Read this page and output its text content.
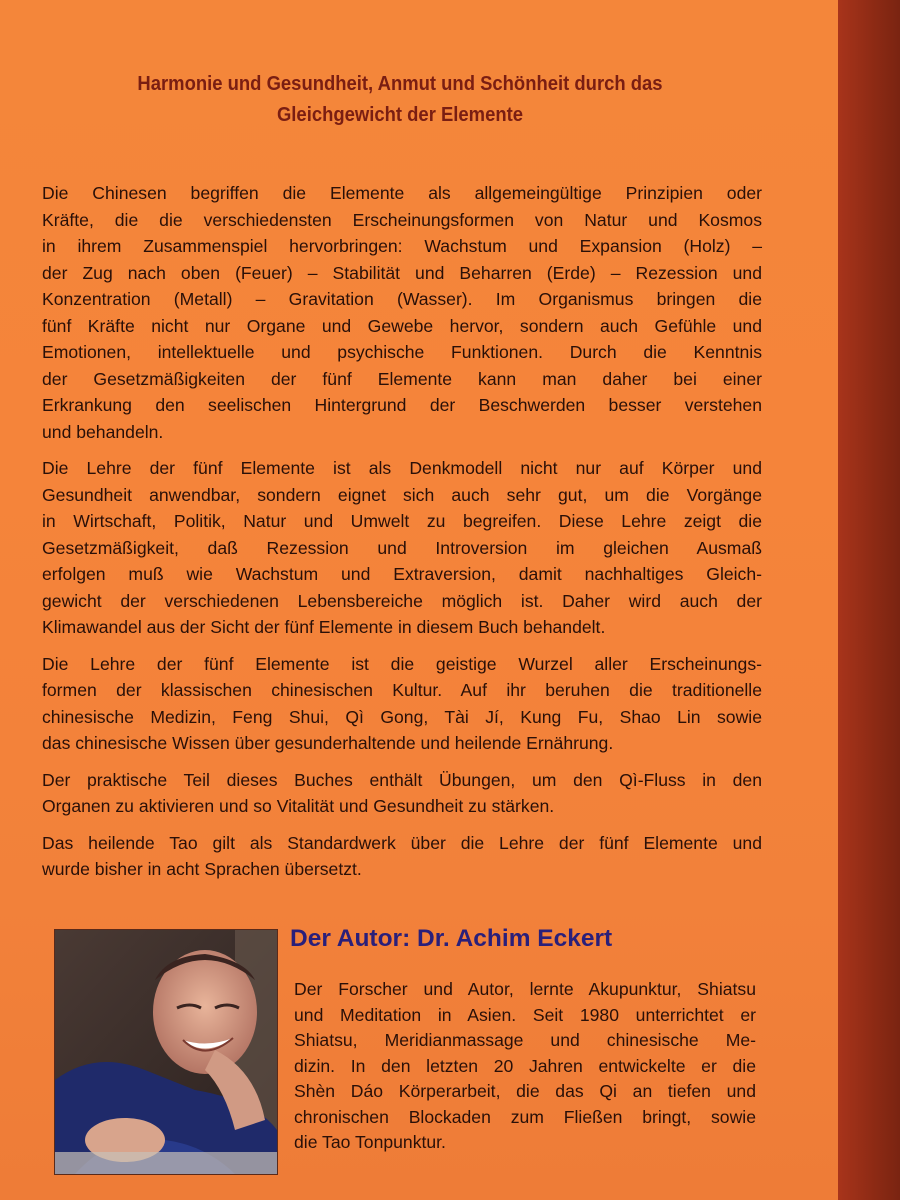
Harmonie und Gesundheit, Anmut und Schönheit durch das
Gleichgewicht der Elemente
Die Chinesen begriffen die Elemente als allgemeingültige Prinzipien oder
Kräfte, die die verschiedensten Erscheinungsformen von Natur und Kosmos
in ihrem Zusammenspiel hervorbringen: Wachstum und Expansion (Holz) –
der Zug nach oben (Feuer) – Stabilität und Beharren (Erde) – Rezession und
Konzentration (Metall) – Gravitation (Wasser). Im Organismus bringen die
fünf Kräfte nicht nur Organe und Gewebe hervor, sondern auch Gefühle und
Emotionen, intellektuelle und psychische Funktionen. Durch die Kenntnis
der Gesetzmäßigkeiten der fünf Elemente kann man daher bei einer
Erkrankung den seelischen Hintergrund der Beschwerden besser verstehen
und behandeln.
Die Lehre der fünf Elemente ist als Denkmodell nicht nur auf Körper und
Gesundheit anwendbar, sondern eignet sich auch sehr gut, um die Vorgänge
in Wirtschaft, Politik, Natur und Umwelt zu begreifen. Diese Lehre zeigt die
Gesetzmäßigkeit, daß Rezession und Introversion im gleichen Ausmaß
erfolgen muß wie Wachstum und Extraversion, damit nachhaltiges Gleich-
gewicht der verschiedenen Lebensbereiche möglich ist. Daher wird auch der
Klimawandel aus der Sicht der fünf Elemente in diesem Buch behandelt.
Die Lehre der fünf Elemente ist die geistige Wurzel aller Erscheinungs-
formen der klassischen chinesischen Kultur. Auf ihr beruhen die traditionelle
chinesische Medizin, Feng Shui, Qì Gong, Tài Jí, Kung Fu, Shao Lin sowie
das chinesische Wissen über gesunderhaltende und heilende Ernährung.
Der praktische Teil dieses Buches enthält Übungen, um den Qì-Fluss in den
Organen zu aktivieren und so Vitalität und Gesundheit zu stärken.
Das heilende Tao gilt als Standardwerk über die Lehre der fünf Elemente und
wurde bisher in acht Sprachen übersetzt.
Der Autor: Dr. Achim Eckert
Der Forscher und Autor, lernte Akupunktur, Shiatsu
und Meditation in Asien. Seit 1980 unterrichtet er
Shiatsu, Meridianmassage und chinesische Me-
dizin. In den letzten 20 Jahren entwickelte er die
Shèn Dáo Körperarbeit, die das Qi an tiefen und
chronischen Blockaden zum Fließen bringt, sowie
die Tao Tonpunktur.
